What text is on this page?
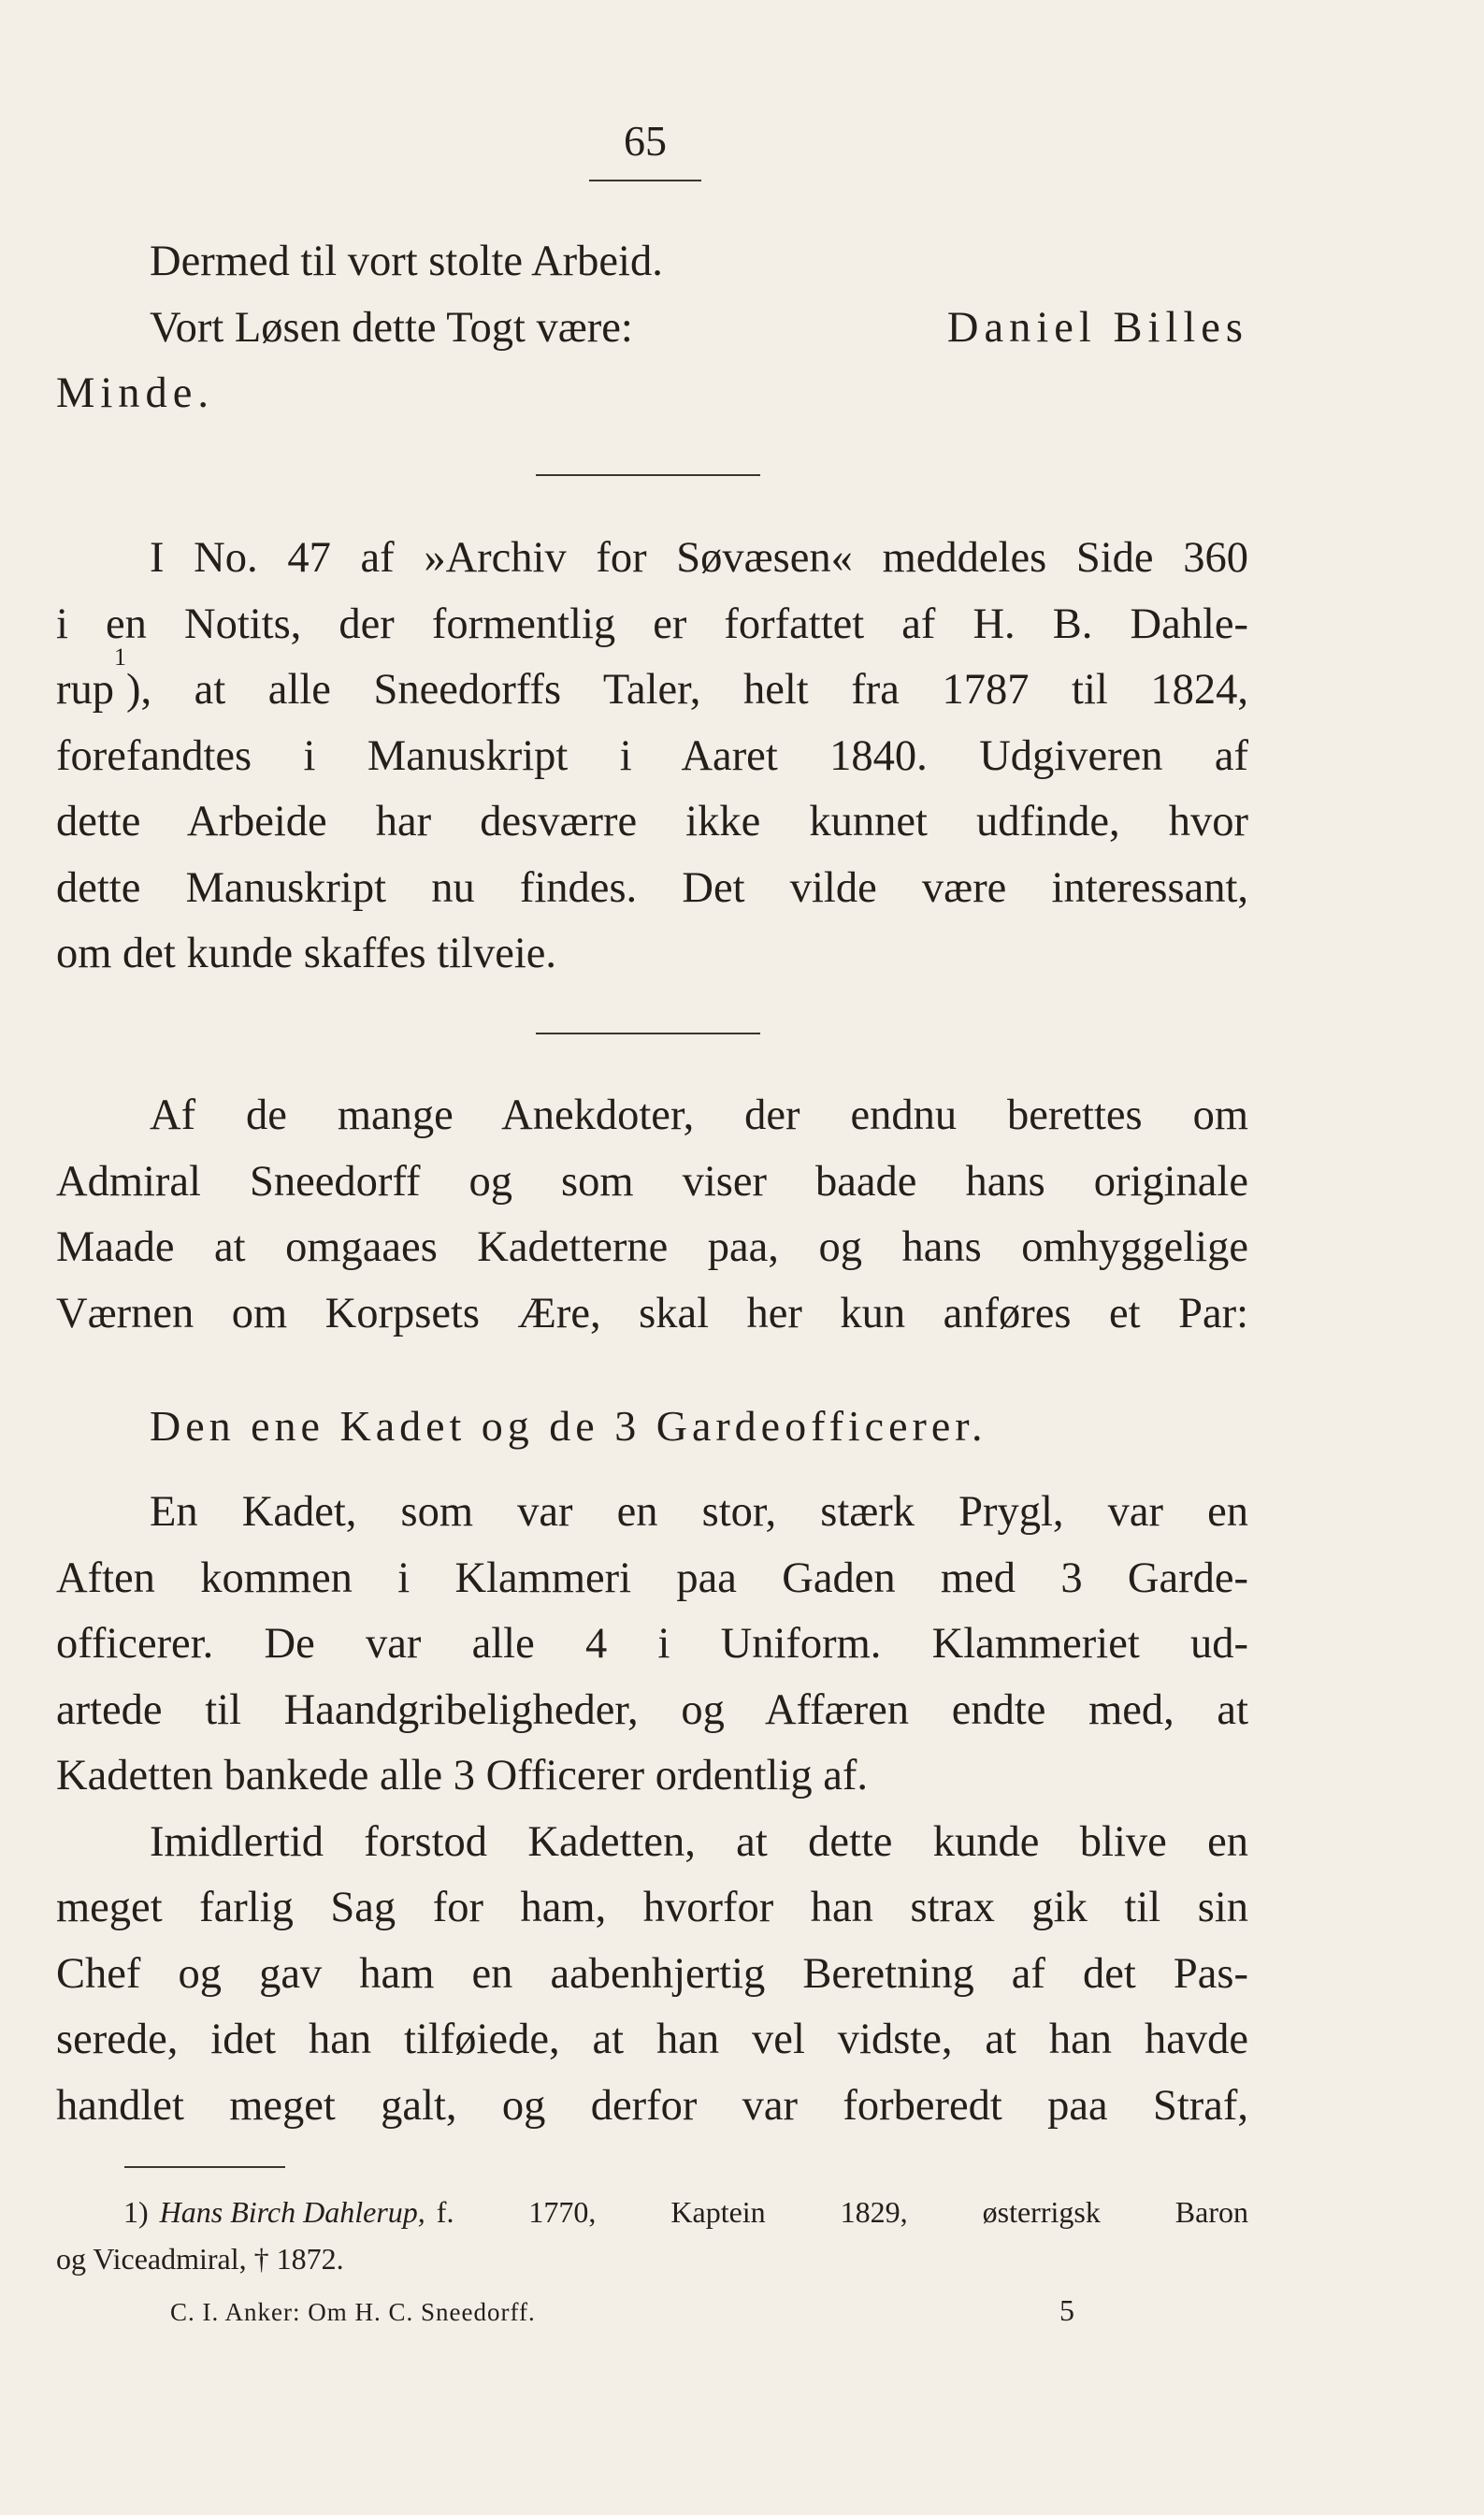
65
Dermed til vort stolte Arbeid.
Vort Løsen dette Togt være:	Daniel Billes
Minde.
I No. 47 af »Archiv for Søvæsen« meddeles Side 360
i en Notits, der formentlig er forfattet af H. B. Dahle-
rup
1
), at alle Sneedorffs Taler, helt fra 1787 til 1824,
forefandtes i Manuskript i Aaret 1840. Udgiveren af
dette Arbeide har desværre ikke kunnet udfinde, hvor
dette Manuskript nu findes. Det vilde være interessant,
om det kunde skaffes tilveie.
Af de mange Anekdoter, der endnu berettes om
Admiral Sneedorff og som viser baade hans originale
Maade at omgaaes Kadetterne paa, og hans omhyggelige
Værnen om Korpsets Ære, skal her kun anføres et Par:
Den ene Kadet og de 3 Gardeofficerer.
En Kadet, som var en stor, stærk Prygl, var en
Aften kommen i Klammeri paa Gaden med 3 Garde-
officerer. De var alle 4 i Uniform. Klammeriet ud-
artede til Haandgribeligheder, og Affæren endte med, at
Kadetten bankede alle 3 Officerer ordentlig af.
Imidlertid forstod Kadetten, at dette kunde blive en
meget farlig Sag for ham, hvorfor han strax gik til sin
Chef og gav ham en aabenhjertig Beretning af det Pas-
serede, idet han tilføiede, at han vel vidste, at han havde
handlet meget galt, og derfor var forberedt paa Straf,
1) Hans Birch Dahlerup, f. 1770, Kaptein 1829, østerrigsk Baron
og Viceadmiral, † 1872.
C. I. Anker: Om H. C. Sneedorff.	5
